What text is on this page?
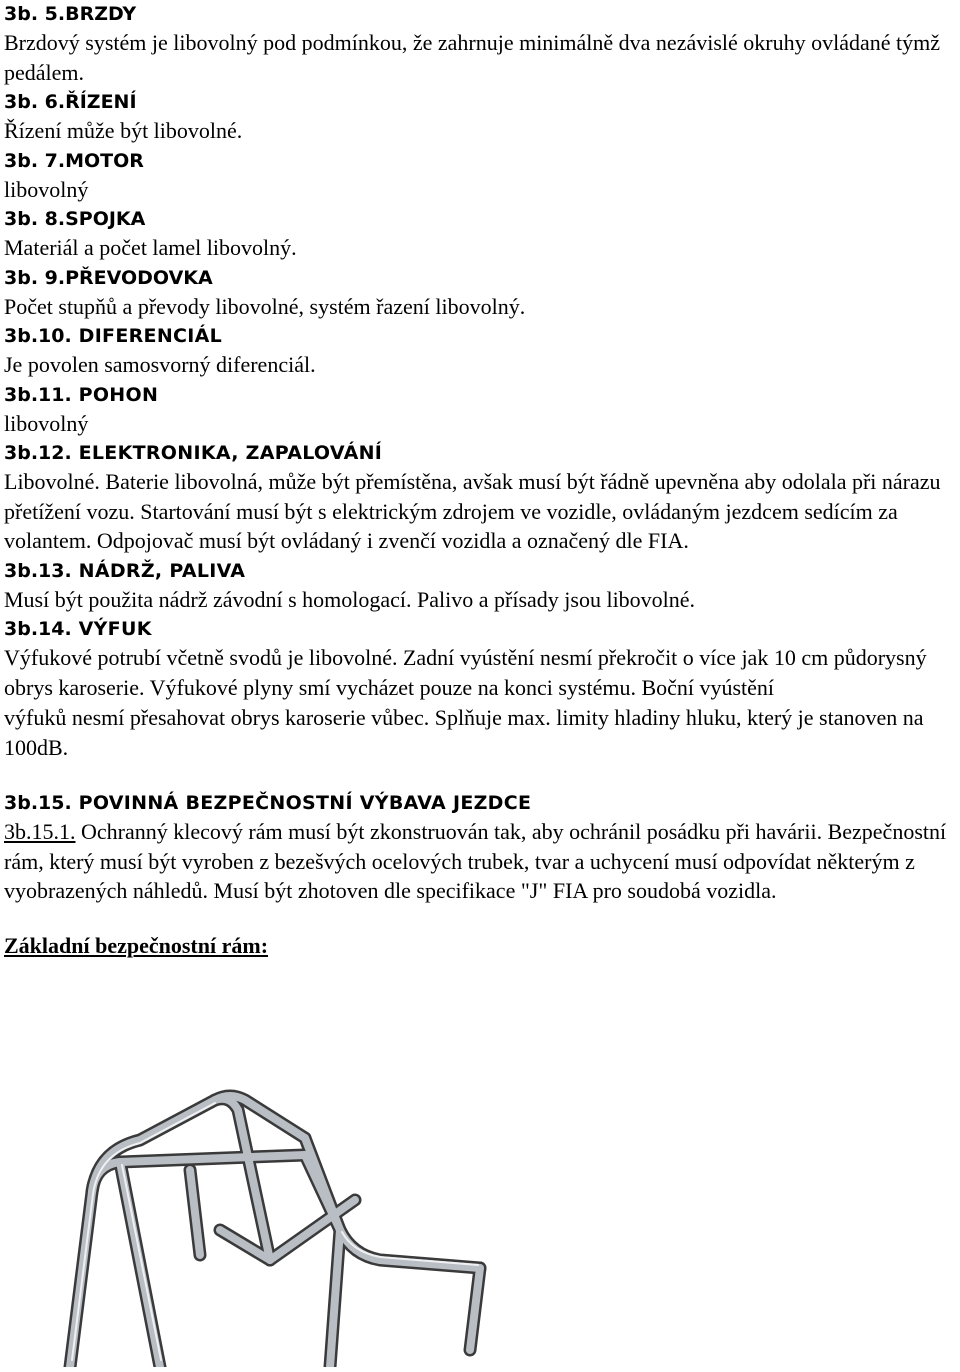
3b. 5.BRZDY

Brzdový systém je libovolný pod podmínkou, že zahrnuje minimálně dva nezávislé okruhy ovládané týmž pedálem.

3b. 6.ŘÍZENÍ

Řízení může být libovolné.

3b. 7.MOTOR

libovolný

3b. 8.SPOJKA

Materiál a počet lamel libovolný.

3b. 9.PŘEVODOVKA

Počet stupňů a převody libovolné, systém řazení libovolný.

3b.10. DIFERENCIÁL

Je povolen samosvorný diferenciál.

3b.11. POHON

libovolný

3b.12. ELEKTRONIKA, ZAPALOVÁNÍ

Libovolné. Baterie libovolná, může být přemístěna, avšak musí být řádně upevněna aby odolala při nárazu přetížení vozu. Startování musí být s elektrickým zdrojem ve vozidle, ovládaným jezdcem sedícím za volantem. Odpojovač musí být ovládaný i zvenčí vozidla a označený dle FIA.

3b.13. NÁDRŽ, PALIVA

Musí být použita nádrž závodní s homologací. Palivo a přísady jsou libovolné.

3b.14. VÝFUK

Výfukové potrubí včetně svodů je libovolné. Zadní vyústění nesmí překročit o více jak 10 cm půdorysný obrys karoserie. Výfukové plyny smí vycházet pouze na konci systému. Boční vyústění

výfuků nesmí přesahovat obrys karoserie vůbec. Splňuje max. limity hladiny hluku, který je stanoven na 100dB.

3b.15. POVINNÁ BEZPEČNOSTNÍ VÝBAVA JEZDCE

3b.15.1. Ochranný klecový rám musí být zkonstruován tak, aby ochránil posádku při havárii. Bezpečnostní rám, který musí být vyroben z bezešvých ocelových trubek, tvar a uchycení musí odpovídat některým z vyobrazených náhledů. Musí být zhotoven dle specifikace "J" FIA pro soudobá vozidla.

Základní bezpečnostní rám:
